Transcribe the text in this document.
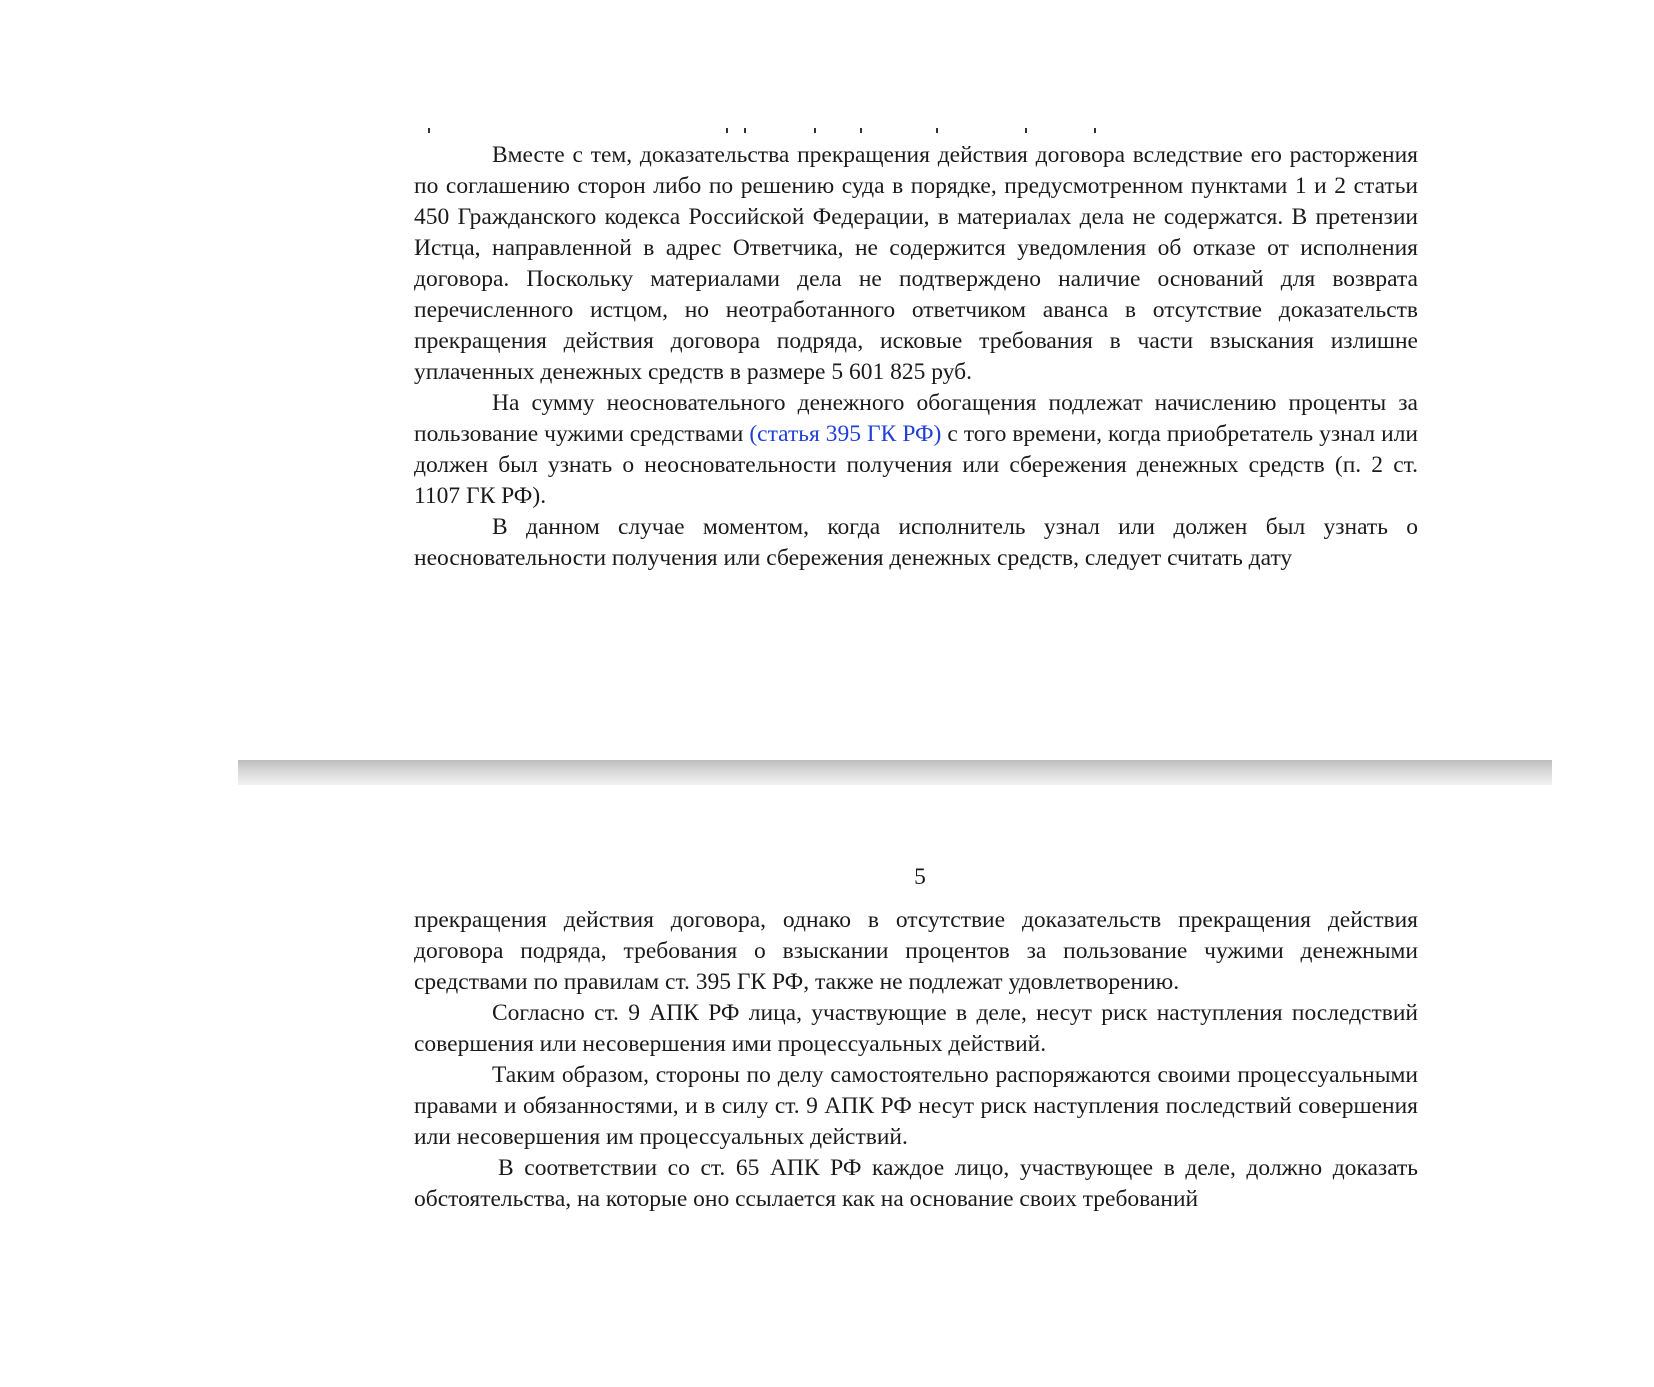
Вместе с тем, доказательства прекращения действия договора вследствие его расторжения по соглашению сторон либо по решению суда в порядке, предусмотренном пунктами 1 и 2 статьи 450 Гражданского кодекса Российской Федерации, в материалах дела не содержатся. В претензии Истца, направленной в адрес Ответчика, не содержится уведомления об отказе от исполнения договора. Поскольку материалами дела не подтверждено наличие оснований для возврата перечисленного истцом, но неотработанного ответчиком аванса в отсутствие доказательств прекращения действия договора подряда, исковые требования в части взыскания излишне уплаченных денежных средств в размере 5 601 825 руб.

На сумму неосновательного денежного обогащения подлежат начислению проценты за пользование чужими средствами (статья 395 ГК РФ) с того времени, когда приобретатель узнал или должен был узнать о неосновательности получения или сбережения денежных средств (п. 2 ст. 1107 ГК РФ).

В данном случае моментом, когда исполнитель узнал или должен был узнать о неосновательности получения или сбережения денежных средств, следует считать дату

5

прекращения действия договора, однако в отсутствие доказательств прекращения действия договора подряда, требования о взыскании процентов за пользование чужими денежными средствами по правилам ст. 395 ГК РФ, также не подлежат удовлетворению.

Согласно ст. 9 АПК РФ лица, участвующие в деле, несут риск наступления последствий совершения или несовершения ими процессуальных действий.

Таким образом, стороны по делу самостоятельно распоряжаются своими процессуальными правами и обязанностями, и в силу ст. 9 АПК РФ несут риск наступления последствий совершения или несовершения им процессуальных действий.

В соответствии со ст. 65 АПК РФ каждое лицо, участвующее в деле, должно доказать обстоятельства, на которые оно ссылается как на основание своих требований
